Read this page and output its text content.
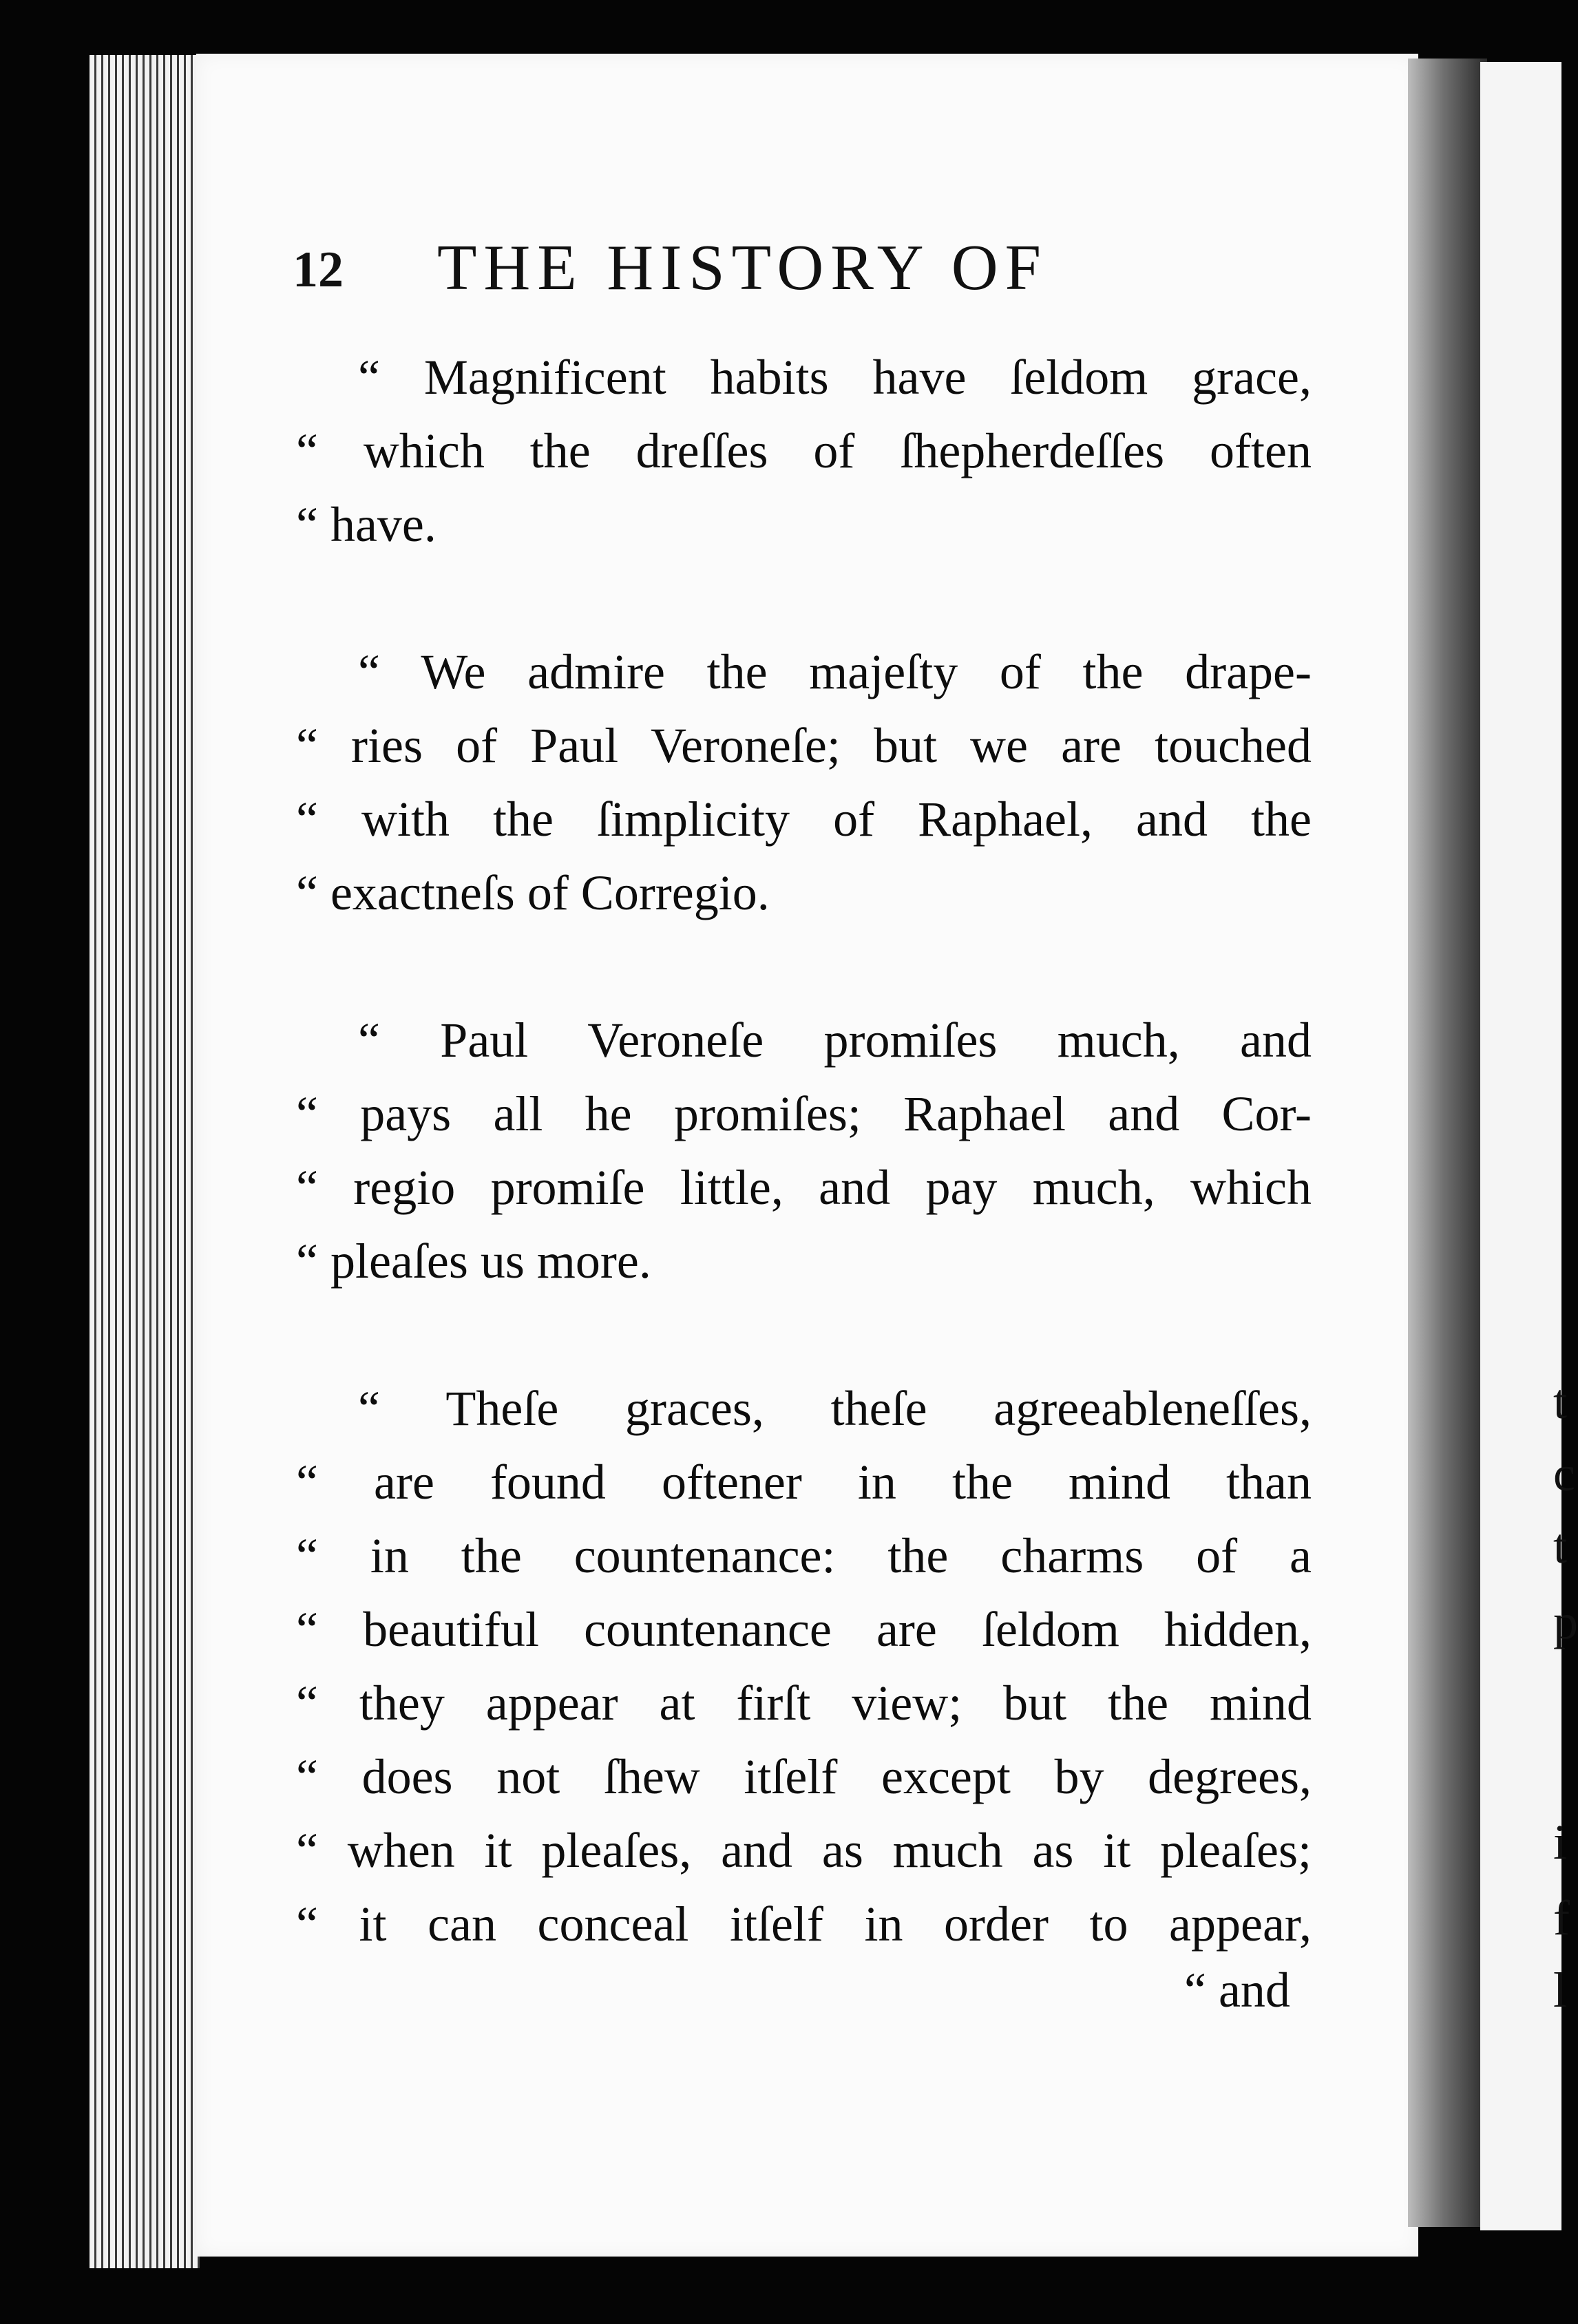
t
c
t
p
i
f
l
12 THE HISTORY OF
“ Magnificent habits have ſeldom grace,
“ which the dreſſes of ſhepherdeſſes often
“ have.
“ We admire the majeſty of the drape-
“ ries of Paul Veroneſe; but we are touched
“ with the ſimplicity of Raphael, and the
“ exactneſs of Corregio.
“ Paul Veroneſe promiſes much, and
“ pays all he promiſes; Raphael and Cor-
“ regio promiſe little, and pay much, which
“ pleaſes us more.
“ Theſe graces, theſe agreeableneſſes,
“ are found oftener in the mind than
“ in the countenance: the charms of a
“ beautiful countenance are ſeldom hidden,
“ they appear at firſt view; but the mind
“ does not ſhew itſelf except by degrees,
“ when it pleaſes, and as much as it pleaſes;
“ it can conceal itſelf in order to appear,
“ and
